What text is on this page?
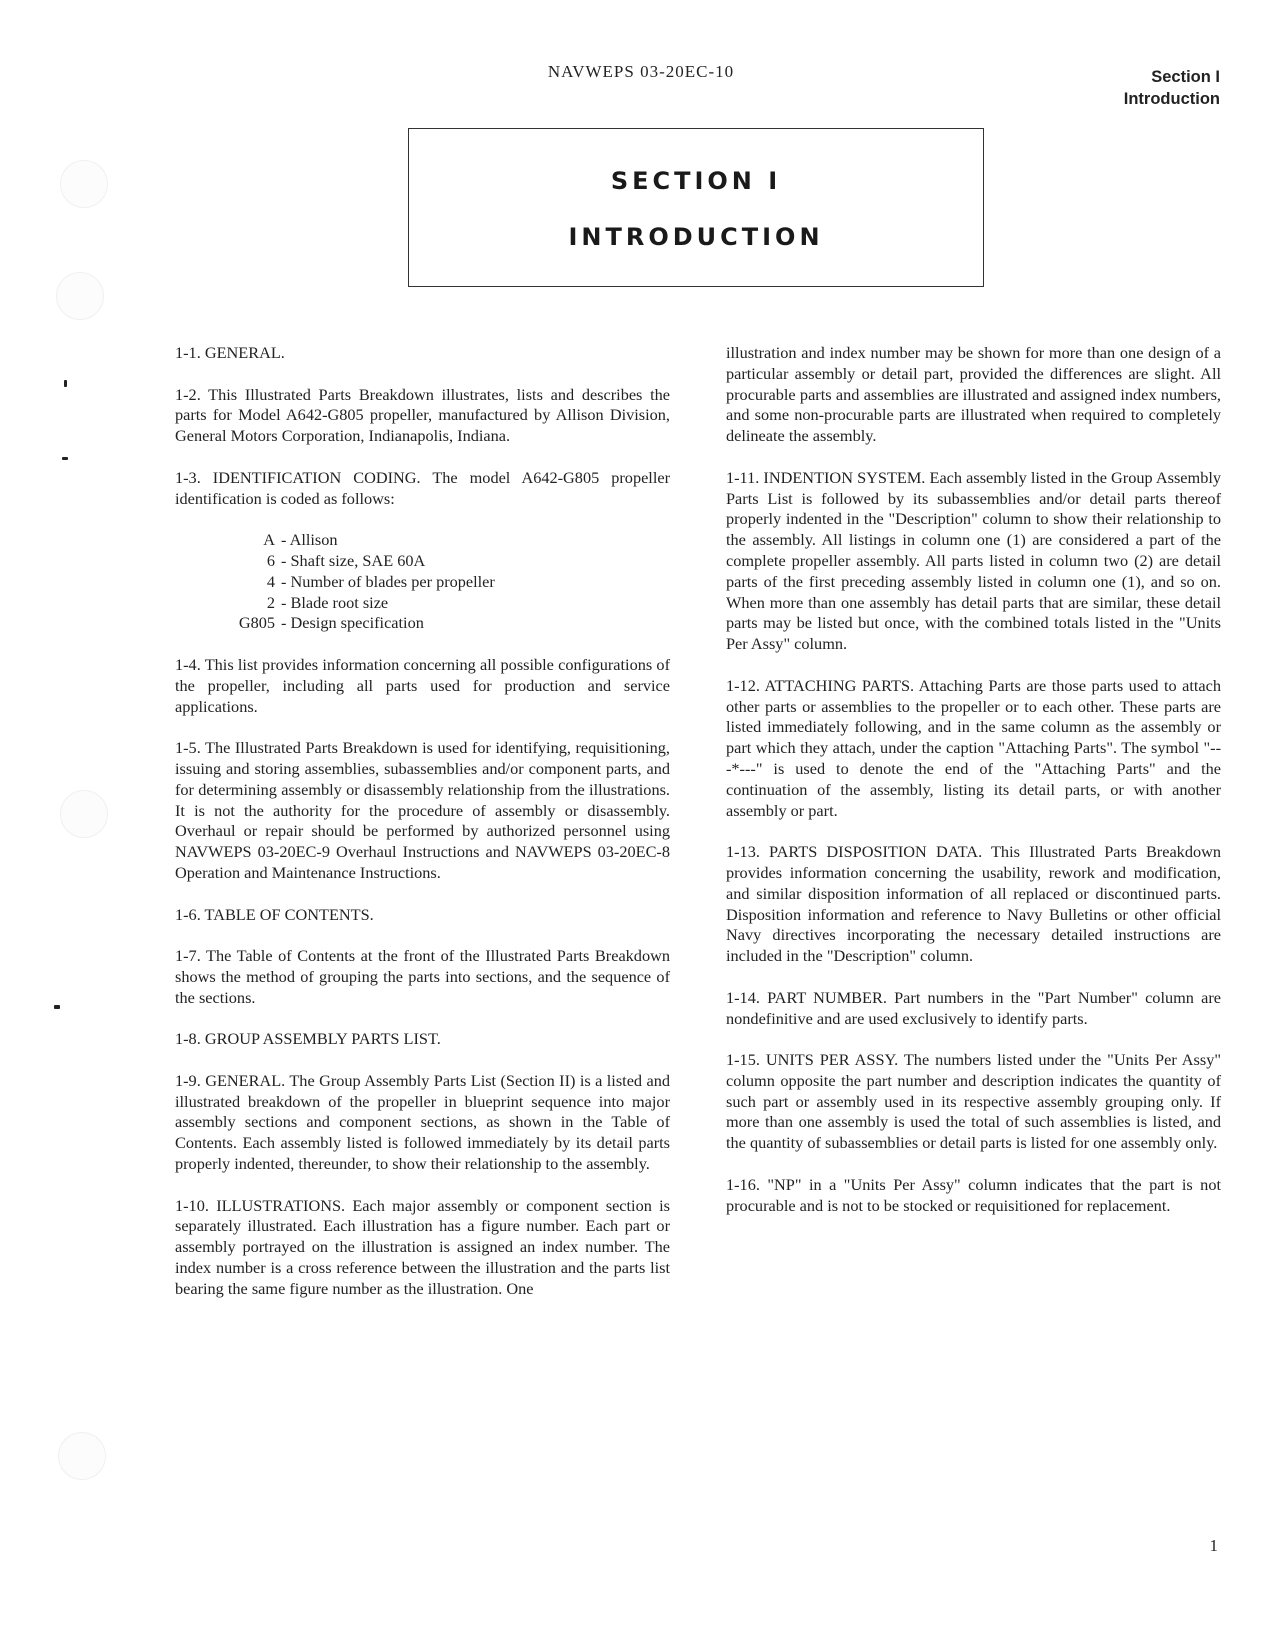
NAVWEPS 03-20EC-10	Section I
Introduction
SECTION I
INTRODUCTION

1-1. GENERAL.

1-2. This Illustrated Parts Breakdown illustrates, lists and describes the parts for Model A642-G805 propeller, manufactured by Allison Division, General Motors Corporation, Indianapolis, Indiana.

1-3. IDENTIFICATION CODING. The model A642-G805 propeller identification is coded as follows:

A - Allison
6 - Shaft size, SAE 60A
4 - Number of blades per propeller
2 - Blade root size
G805 - Design specification

1-4. This list provides information concerning all possible configurations of the propeller, including all parts used for production and service applications.

1-5. The Illustrated Parts Breakdown is used for identifying, requisitioning, issuing and storing assemblies, subassemblies and/or component parts, and for determining assembly or disassembly relationship from the illustrations. It is not the authority for the procedure of assembly or disassembly. Overhaul or repair should be performed by authorized personnel using NAVWEPS 03-20EC-9 Overhaul Instructions and NAVWEPS 03-20EC-8 Operation and Maintenance Instructions.

1-6. TABLE OF CONTENTS.

1-7. The Table of Contents at the front of the Illustrated Parts Breakdown shows the method of grouping the parts into sections, and the sequence of the sections.

1-8. GROUP ASSEMBLY PARTS LIST.

1-9. GENERAL. The Group Assembly Parts List (Section II) is a listed and illustrated breakdown of the propeller in blueprint sequence into major assembly sections and component sections, as shown in the Table of Contents. Each assembly listed is followed immediately by its detail parts properly indented, thereunder, to show their relationship to the assembly.

1-10. ILLUSTRATIONS. Each major assembly or component section is separately illustrated. Each illustration has a figure number. Each part or assembly portrayed on the illustration is assigned an index number. The index number is a cross reference between the illustration and the parts list bearing the same figure number as the illustration. One

illustration and index number may be shown for more than one design of a particular assembly or detail part, provided the differences are slight. All procurable parts and assemblies are illustrated and assigned index numbers, and some non-procurable parts are illustrated when required to completely delineate the assembly.

1-11. INDENTION SYSTEM. Each assembly listed in the Group Assembly Parts List is followed by its subassemblies and/or detail parts thereof properly indented in the "Description" column to show their relationship to the assembly. All listings in column one (1) are considered a part of the complete propeller assembly. All parts listed in column two (2) are detail parts of the first preceding assembly listed in column one (1), and so on. When more than one assembly has detail parts that are similar, these detail parts may be listed but once, with the combined totals listed in the "Units Per Assy" column.

1-12. ATTACHING PARTS. Attaching Parts are those parts used to attach other parts or assemblies to the propeller or to each other. These parts are listed immediately following, and in the same column as the assembly or part which they attach, under the caption "Attaching Parts". The symbol "---*---" is used to denote the end of the "Attaching Parts" and the continuation of the assembly, listing its detail parts, or with another assembly or part.

1-13. PARTS DISPOSITION DATA. This Illustrated Parts Breakdown provides information concerning the usability, rework and modification, and similar disposition information of all replaced or discontinued parts. Disposition information and reference to Navy Bulletins or other official Navy directives incorporating the necessary detailed instructions are included in the "Description" column.

1-14. PART NUMBER. Part numbers in the "Part Number" column are nondefinitive and are used exclusively to identify parts.

1-15. UNITS PER ASSY. The numbers listed under the "Units Per Assy" column opposite the part number and description indicates the quantity of such part or assembly used in its respective assembly grouping only. If more than one assembly is used the total of such assemblies is listed, and the quantity of subassemblies or detail parts is listed for one assembly only.

1-16. "NP" in a "Units Per Assy" column indicates that the part is not procurable and is not to be stocked or requisitioned for replacement.

1
